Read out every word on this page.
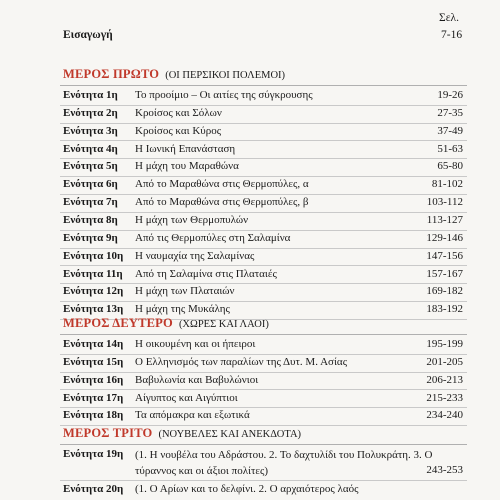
Σελ.
Εισαγωγή	7-16
ΜΕΡΟΣ ΠΡΩΤΟ (ΟΙ ΠΕΡΣΙΚΟΙ ΠΟΛΕΜΟΙ)
Ενότητα 1η Το προοίμιο – Οι αιτίες της σύγκρουσης	19-26
Ενότητα 2η Κροίσος και Σόλων	27-35
Ενότητα 3η Κροίσος και Κύρος	37-49
Ενότητα 4η Η Ιωνική Επανάσταση	51-63
Ενότητα 5η Η μάχη του Μαραθώνα	65-80
Ενότητα 6η Από το Μαραθώνα στις Θερμοπύλες, α	81-102
Ενότητα 7η Από το Μαραθώνα στις Θερμοπύλες, β	103-112
Ενότητα 8η Η μάχη των Θερμοπυλών	113-127
Ενότητα 9η Από τις Θερμοπύλες στη Σαλαμίνα	129-146
Ενότητα 10η Η ναυμαχία της Σαλαμίνας	147-156
Ενότητα 11η Από τη Σαλαμίνα στις Πλαταιές	157-167
Ενότητα 12η Η μάχη των Πλαταιών	169-182
Ενότητα 13η Η μάχη της Μυκάλης	183-192
ΜΕΡΟΣ ΔΕΥΤΕΡΟ (ΧΩΡΕΣ ΚΑΙ ΛΑΟΙ)
Ενότητα 14η Η οικουμένη και οι ήπειροι	195-199
Ενότητα 15η Ο Ελληνισμός των παραλίων της Δυτ. Μ. Ασίας	201-205
Ενότητα 16η Βαβυλωνία και Βαβυλώνιοι	206-213
Ενότητα 17η Αίγυπτος και Αιγύπτιοι	215-233
Ενότητα 18η Τα απόμακρα και εξωτικά	234-240
ΜΕΡΟΣ ΤΡΙΤΟ (ΝΟΥΒΕΛΕΣ ΚΑΙ ΑΝΕΚΔΟΤΑ)
Ενότητα 19η (1. Η νουβέλα του Αδράστου. 2. Το δαχτυλίδι του Πολυκράτη. 3. Ο τύραννος και οι άξιοι πολίτες)	243-253
Ενότητα 20η (1. Ο Αρίων και το δελφίνι. 2. Ο αρχαιότερος λαός
